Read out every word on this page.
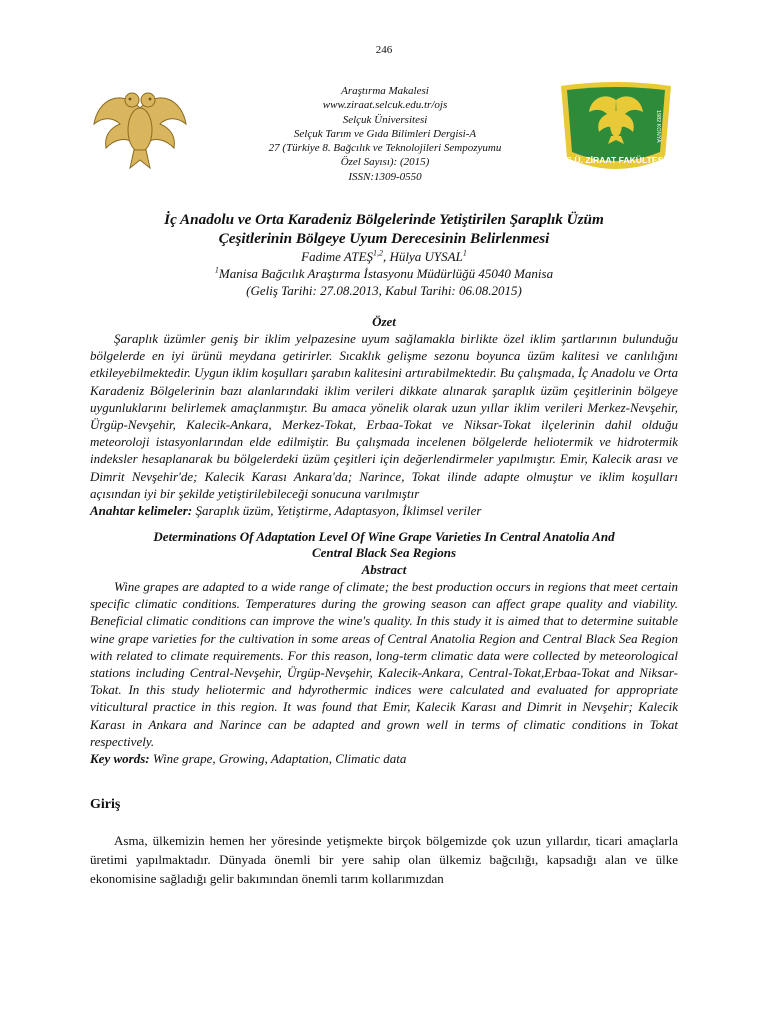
246
Araştırma Makalesi
www.ziraat.selcuk.edu.tr/ojs
Selçuk Üniversitesi
Selçuk Tarım ve Gıda Bilimleri Dergisi-A
27 (Türkiye 8. Bağcılık ve Teknolojileri Sempozyumu
Özel Sayısı): (2015)
ISSN:1309-0550
S.Ü. ZİRAAT FAKÜLTESİ
1982 KONYA
İç Anadolu ve Orta Karadeniz Bölgelerinde Yetiştirilen Şaraplık Üzüm
Çeşitlerinin Bölgeye Uyum Derecesinin Belirlenmesi
Fadime ATEŞ$^{1,2}$, Hülya UYSAL$^1$
$^1$Manisa Bağcılık Araştırma İstasyonu Müdürlüğü 45040 Manisa
(Geliş Tarihi: 27.08.2013, Kabul Tarihi: 06.08.2015)
Özet

Şaraplık üzümler geniş bir iklim yelpazesine uyum sağlamakla birlikte özel iklim şartlarının bulunduğu bölgelerde en iyi ürünü meydana getirirler. Sıcaklık gelişme sezonu boyunca üzüm kalitesi ve canlılığını etkileyebilmektedir. Uygun iklim koşulları şarabın kalitesini artırabilmektedir. Bu çalışmada, İç Anadolu ve Orta Karadeniz Bölgelerinin bazı alanlarındaki iklim verileri dikkate alınarak şaraplık üzüm çeşitlerinin bölgeye uygunluklarını belirlemek amaçlanmıştır. Bu amaca yönelik olarak uzun yıllar iklim verileri Merkez-Nevşehir, Ürgüp-Nevşehir, Kalecik-Ankara, Merkez-Tokat, Erbaa-Tokat ve Niksar-Tokat ilçelerinin dahil olduğu meteoroloji istasyonlarından elde edilmiştir. Bu çalışmada incelenen bölgelerde heliotermik ve hidrotermik indeksler hesaplanarak bu bölgelerdeki üzüm çeşitleri için değerlendirmeler yapılmıştır. Emir, Kalecik arası ve Dimrit Nevşehir'de; Kalecik Karası Ankara'da; Narince, Tokat ilinde adapte olmuştur ve iklim koşulları açısından iyi bir şekilde yetiştirilebileceği sonucuna varılmıştır

Anahtar kelimeler: Şaraplık üzüm, Yetiştirme, Adaptasyon, İklimsel veriler

Determinations Of Adaptation Level Of Wine Grape Varieties In Central Anatolia And
Central Black Sea Regions
Abstract

Wine grapes are adapted to a wide range of climate; the best production occurs in regions that meet certain specific climatic conditions. Temperatures during the growing season can affect grape quality and viability. Beneficial climatic conditions can improve the wine's quality. In this study it is aimed that to determine suitable wine grape varieties for the cultivation in some areas of Central Anatolia Region and Central Black Sea Region with related to climate requirements. For this reason, long-term climatic data were collected by meteorological stations including Central-Nevşehir, Ürgüp-Nevşehir, Kalecik-Ankara, Central-Tokat,Erbaa-Tokat and Niksar-Tokat. In this study heliotermic and hdyrothermic indices were calculated and evaluated for appropriate viticultural practice in this region. It was found that Emir, Kalecik Karası and Dimrit in Nevşehir; Kalecik Karası in Ankara and Narince can be adapted and grown well in terms of climatic conditions in Tokat respectively.

Key words: Wine grape, Growing, Adaptation, Climatic data

Giriş

Asma, ülkemizin hemen her yöresinde yetişmekte birçok bölgemizde çok uzun yıllardır, ticari amaçlarla üretimi yapılmaktadır. Dünyada önemli bir yere sahip olan ülkemiz bağcılığı, kapsadığı alan ve ülke ekonomisine sağladığı gelir bakımından önemli tarım kollarımızdan
